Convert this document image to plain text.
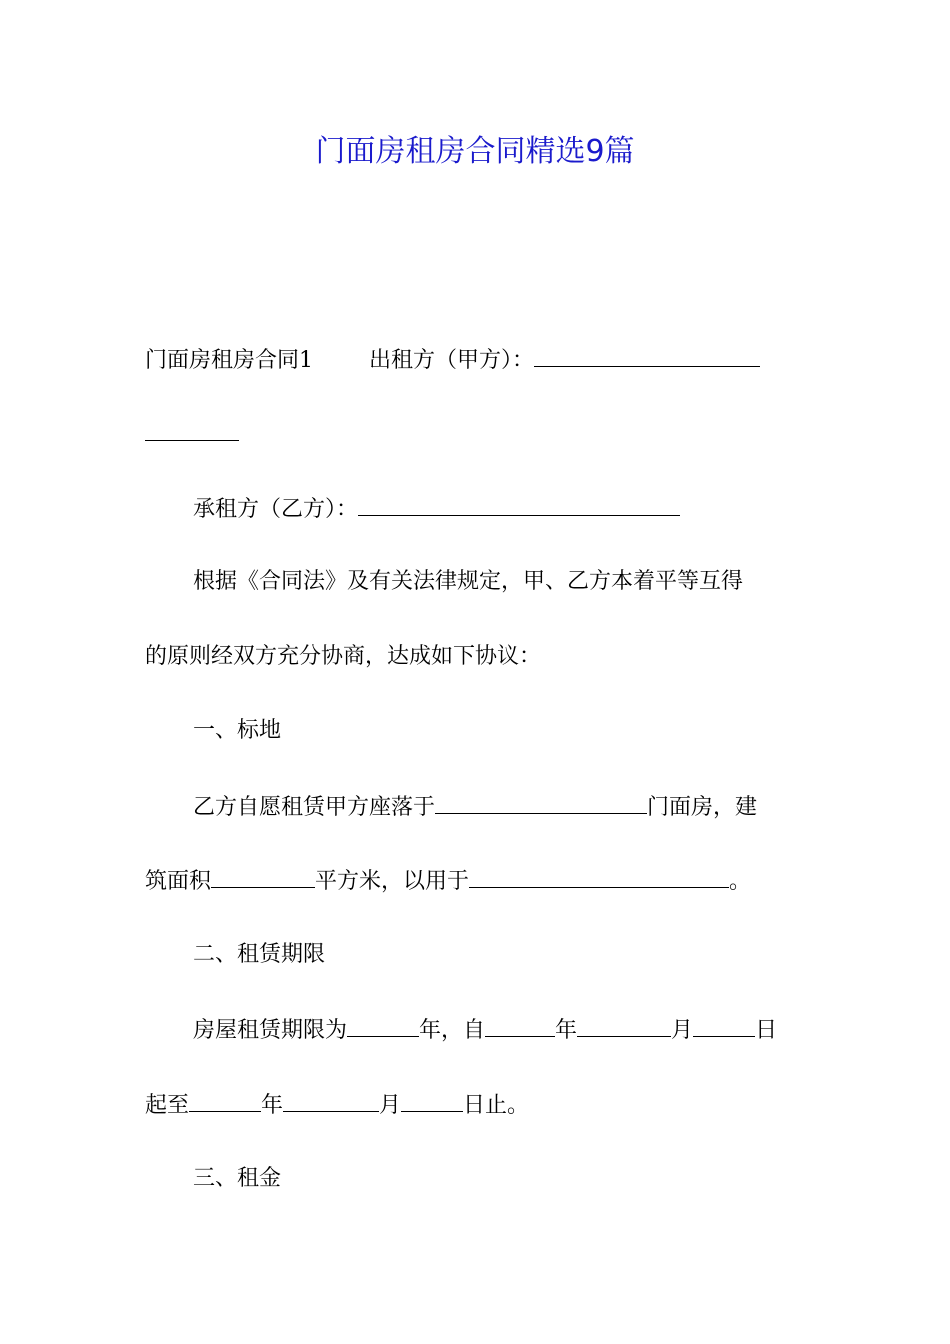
门面房租房合同精选9篇
门面房租房合同1	出租方（甲方）：
承租方（乙方）：
根据《合同法》及有关法律规定，甲、乙方本着平等互得
的原则经双方充分协商，达成如下协议：
一、标地
乙方自愿租赁甲方座落于	门面房，建
筑面积	平方米，以用于	。
二、租赁期限
房屋租赁期限为	年，自	年	月	日
起至	年	月	日止。
三、租金
